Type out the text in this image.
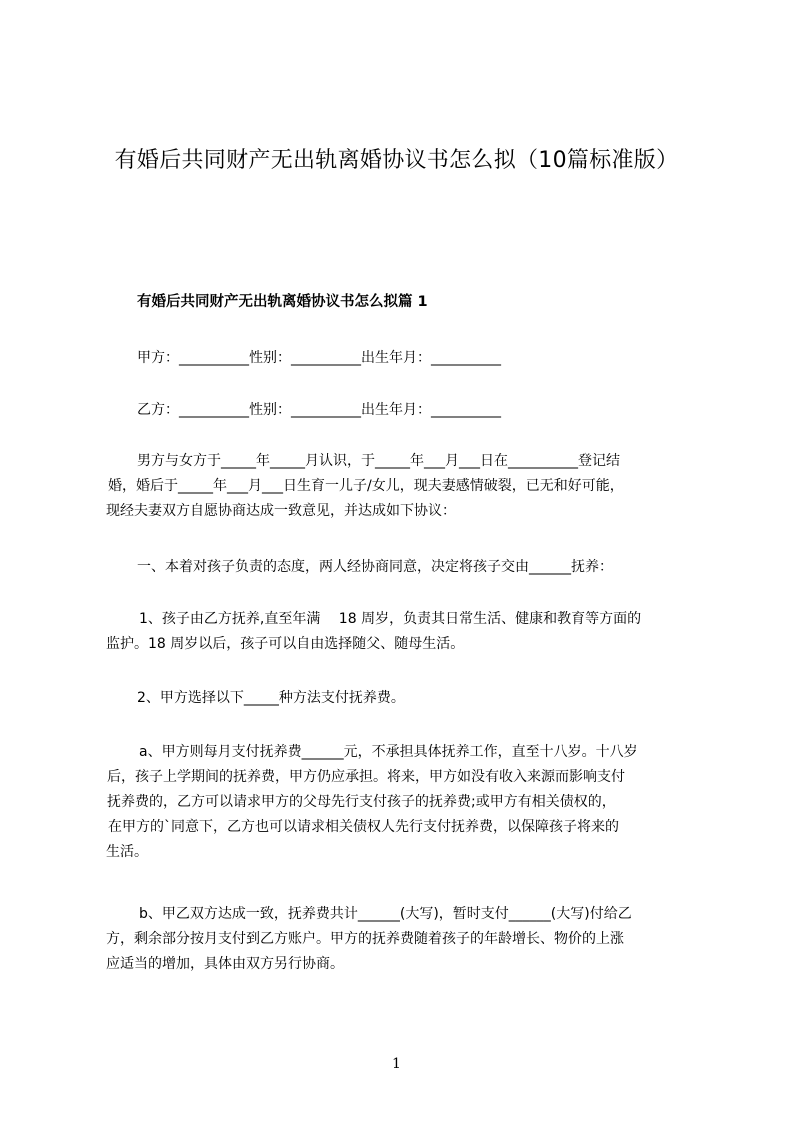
有婚后共同财产无出轨离婚协议书怎么拟（10篇标准版）
有婚后共同财产无出轨离婚协议书怎么拟篇 1

甲方：__________性别：__________出生年月：__________

乙方：__________性别：__________出生年月：__________

男方与女方于_____年_____月认识，于_____年___月___日在__________登记结
婚，婚后于_____年___月___日生育一儿子/女儿，现夫妻感情破裂，已无和好可能，
现经夫妻双方自愿协商达成一致意见，并达成如下协议：
一、本着对孩子负责的态度，两人经协商同意，决定将孩子交由______抚养：
1、孩子由乙方抚养,直至年满　 18 周岁，负责其日常生活、健康和教育等方面的
监护。18 周岁以后，孩子可以自由选择随父、随母生活。
2、甲方选择以下_____种方法支付抚养费。
a、甲方则每月支付抚养费______元，不承担具体抚养工作，直至十八岁。十八岁
后，孩子上学期间的抚养费，甲方仍应承担。将来，甲方如没有收入来源而影响支付
抚养费的，乙方可以请求甲方的父母先行支付孩子的抚养费;或甲方有相关债权的，
在甲方的`同意下，乙方也可以请求相关债权人先行支付抚养费，以保障孩子将来的
生活。
b、甲乙双方达成一致，抚养费共计______(大写)，暂时支付______(大写)付给乙
方，剩余部分按月支付到乙方账户。甲方的抚养费随着孩子的年龄增长、物价的上涨
应适当的增加，具体由双方另行协商。
1
